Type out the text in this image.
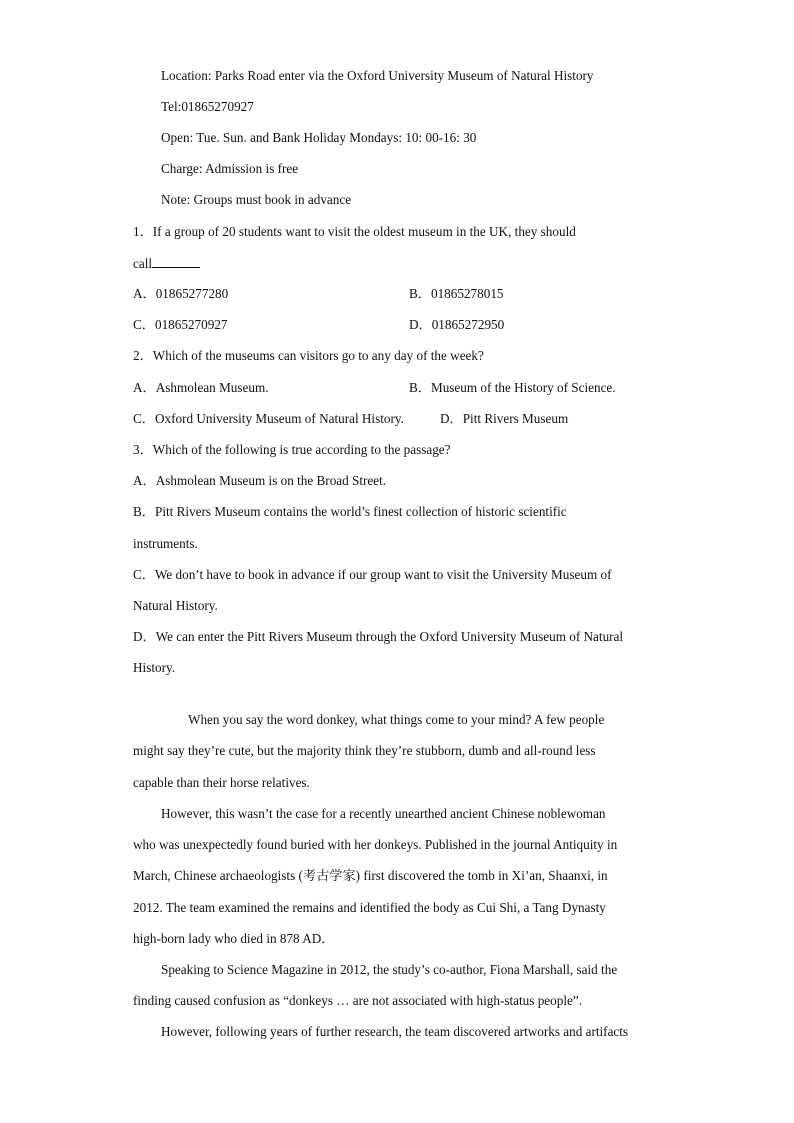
Location: Parks Road enter via the Oxford University Museum of Natural History
Tel:01865270927
Open: Tue. Sun. and Bank Holiday Mondays: 10: 00-16: 30
Charge: Admission is free
Note: Groups must book in advance
1．If a group of 20 students want to visit the oldest museum in the UK, they should
call
A．01865277280	B．01865278015
C．01865270927	D．01865272950
2．Which of the museums can visitors go to any day of the week?
A．Ashmolean Museum.	B．Museum of the History of Science.
C．Oxford University Museum of Natural History.	D．Pitt Rivers Museum
3．Which of the following is true according to the passage?
A．Ashmolean Museum is on the Broad Street.
B．Pitt Rivers Museum contains the world’s finest collection of historic scientific
instruments.
C．We don’t have to book in advance if our group want to visit the University Museum of
Natural History.
D．We can enter the Pitt Rivers Museum through the Oxford University Museum of Natural
History.
When you say the word donkey, what things come to your mind? A few people
might say they’re cute, but the majority think they’re stubborn, dumb and all-round less
capable than their horse relatives.
However, this wasn’t the case for a recently unearthed ancient Chinese noblewoman
who was unexpectedly found buried with her donkeys. Published in the journal Antiquity in
March, Chinese archaeologists (考古学家) first discovered the tomb in Xi’an, Shaanxi, in
2012. The team examined the remains and identified the body as Cui Shi, a Tang Dynasty
high-born lady who died in 878 AD．
Speaking to Science Magazine in 2012, the study’s co-author, Fiona Marshall, said the
finding caused confusion as “donkeys … are not associated with high-status people”.
However, following years of further research, the team discovered artworks and artifacts
